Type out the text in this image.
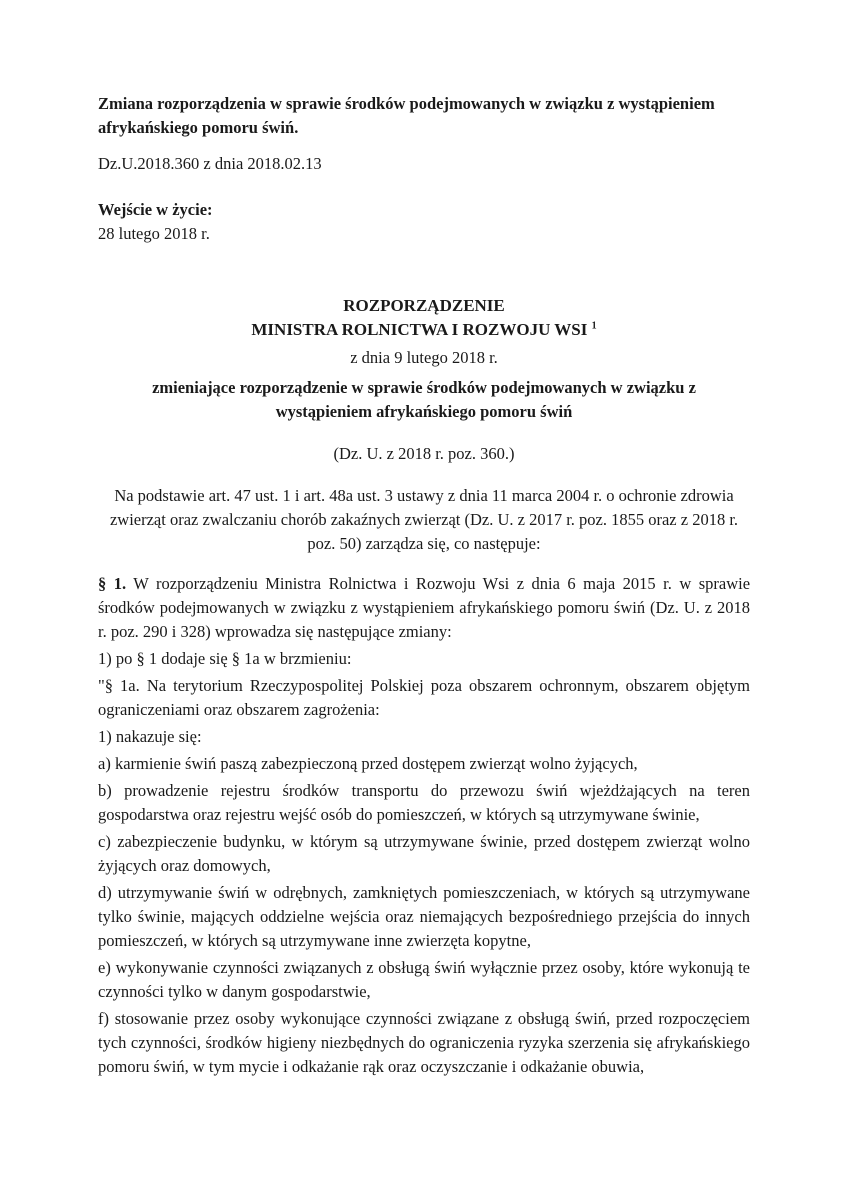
Zmiana rozporządzenia w sprawie środków podejmowanych w związku z wystąpieniem afrykańskiego pomoru świń.

Dz.U.2018.360 z dnia 2018.02.13

Wejście w życie:

28 lutego 2018 r.

ROZPORZĄDZENIE

MINISTRA ROLNICTWA I ROZWOJU WSI $^1$

z dnia 9 lutego 2018 r.

zmieniające rozporządzenie w sprawie środków podejmowanych w związku z wystąpieniem afrykańskiego pomoru świń

(Dz. U. z 2018 r. poz. 360.)

Na podstawie art. 47 ust. 1 i art. 48a ust. 3 ustawy z dnia 11 marca 2004 r. o ochronie zdrowia zwierząt oraz zwalczaniu chorób zakaźnych zwierząt (Dz. U. z 2017 r. poz. 1855 oraz z 2018 r. poz. 50) zarządza się, co następuje:

§ 1. W rozporządzeniu Ministra Rolnictwa i Rozwoju Wsi z dnia 6 maja 2015 r. w sprawie środków podejmowanych w związku z wystąpieniem afrykańskiego pomoru świń (Dz. U. z 2018 r. poz. 290 i 328) wprowadza się następujące zmiany:

1) po § 1 dodaje się § 1a w brzmieniu:

"§ 1a. Na terytorium Rzeczypospolitej Polskiej poza obszarem ochronnym, obszarem objętym ograniczeniami oraz obszarem zagrożenia:

1) nakazuje się:

a) karmienie świń paszą zabezpieczoną przed dostępem zwierząt wolno żyjących,

b) prowadzenie rejestru środków transportu do przewozu świń wjeżdżających na teren gospodarstwa oraz rejestru wejść osób do pomieszczeń, w których są utrzymywane świnie,

c) zabezpieczenie budynku, w którym są utrzymywane świnie, przed dostępem zwierząt wolno żyjących oraz domowych,

d) utrzymywanie świń w odrębnych, zamkniętych pomieszczeniach, w których są utrzymywane tylko świnie, mających oddzielne wejścia oraz niemających bezpośredniego przejścia do innych pomieszczeń, w których są utrzymywane inne zwierzęta kopytne,

e) wykonywanie czynności związanych z obsługą świń wyłącznie przez osoby, które wykonują te czynności tylko w danym gospodarstwie,

f) stosowanie przez osoby wykonujące czynności związane z obsługą świń, przed rozpoczęciem tych czynności, środków higieny niezbędnych do ograniczenia ryzyka szerzenia się afrykańskiego pomoru świń, w tym mycie i odkażanie rąk oraz oczyszczanie i odkażanie obuwia,
